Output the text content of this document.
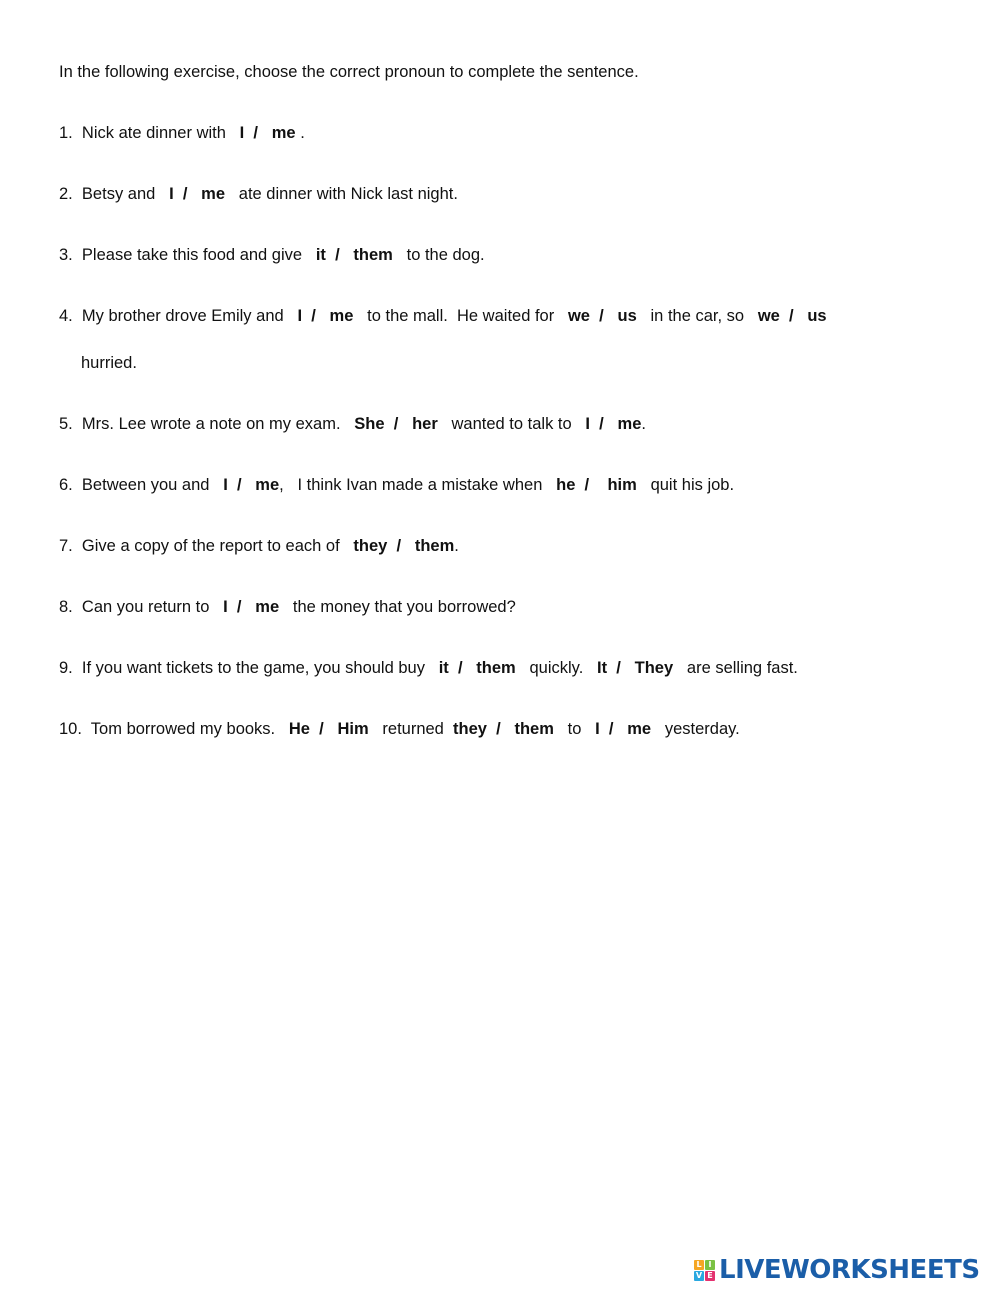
In the following exercise, choose the correct pronoun to complete the sentence.
1.  Nick ate dinner with   I  /   me .
2.  Betsy and   I  /   me   ate dinner with Nick last night.
3.  Please take this food and give   it  /   them   to the dog.
4.  My brother drove Emily and   I  /   me   to the mall.  He waited for   we  /   us   in the car, so   we  /   us
hurried.
5.  Mrs. Lee wrote a note on my exam.   She  /   her   wanted to talk to   I  /   me.
6.  Between you and   I  /   me,   I think Ivan made a mistake when   he  /    him   quit his job.
7.  Give a copy of the report to each of   they  /   them.
8.  Can you return to   I  /   me   the money that you borrowed?
9.  If you want tickets to the game, you should buy   it  /   them   quickly.   It  /   They   are selling fast.
10.  Tom borrowed my books.   He  /   Him   returned  they  /   them   to   I  /   me   yesterday.
L I
V E LIVEWORKSHEETS
